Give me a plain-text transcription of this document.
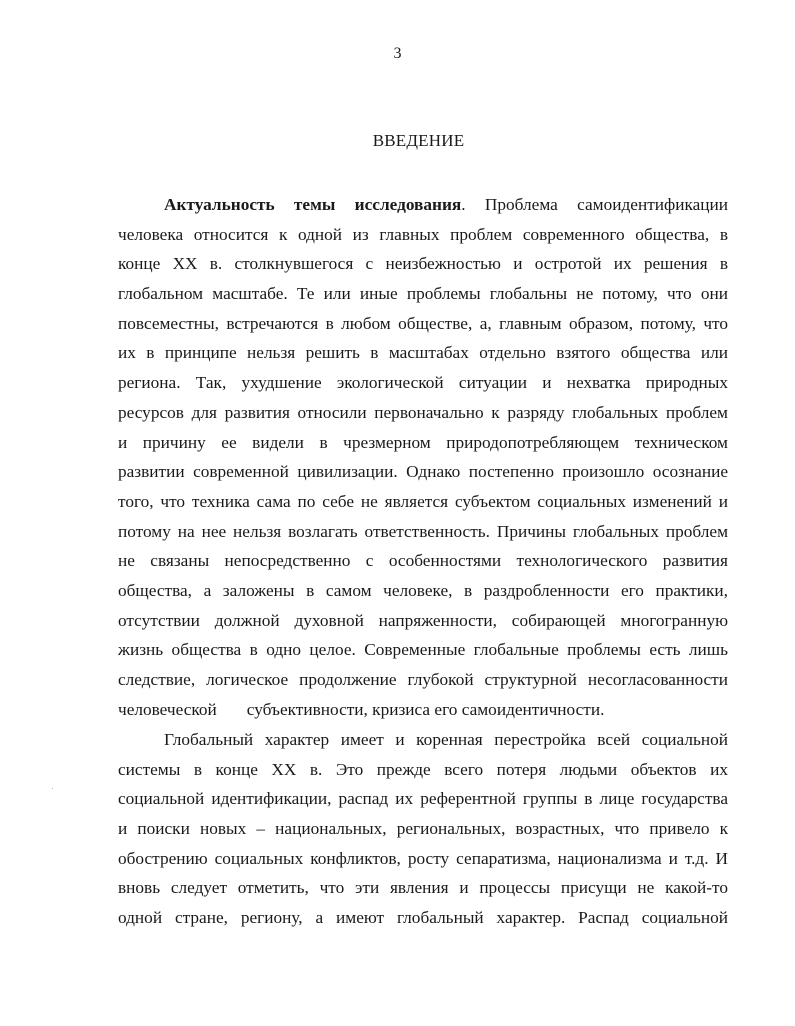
3
ВВЕДЕНИЕ
Актуальность темы исследования. Проблема самоидентификации
человека относится к одной из главных проблем современного общества, в
конце XX в. столкнувшегося с неизбежностью и остротой их решения в
глобальном масштабе. Те или иные проблемы глобальны не потому, что они
повсеместны, встречаются в любом обществе, а, главным образом, потому, что
их в принципе нельзя решить в масштабах отдельно взятого общества или
региона. Так, ухудшение экологической ситуации и нехватка природных
ресурсов для развития относили первоначально к разряду глобальных проблем
и причину ее видели в чрезмерном природопотребляющем техническом
развитии современной цивилизации. Однако постепенно произошло осознание
того, что техника сама по себе не является субъектом социальных изменений и
потому на нее нельзя возлагать ответственность. Причины глобальных проблем
не связаны непосредственно с особенностями технологического развития
общества, а заложены в самом человеке, в раздробленности его практики,
отсутствии должной духовной напряженности, собирающей многогранную
жизнь общества в одно целое. Современные глобальные проблемы есть лишь
следствие, логическое продолжение глубокой структурной несогласованности
человеческой субъективности, кризиса его самоидентичности.
Глобальный характер имеет и коренная перестройка всей социальной
системы в конце XX в. Это прежде всего потеря людьми объектов их
социальной идентификации, распад их референтной группы в лице государства
и поиски новых – национальных, региональных, возрастных, что привело к
обострению социальных конфликтов, росту сепаратизма, национализма и т.д. И
вновь следует отметить, что эти явления и процессы присущи не какой-то
одной стране, региону, а имеют глобальный характер. Распад социальной
